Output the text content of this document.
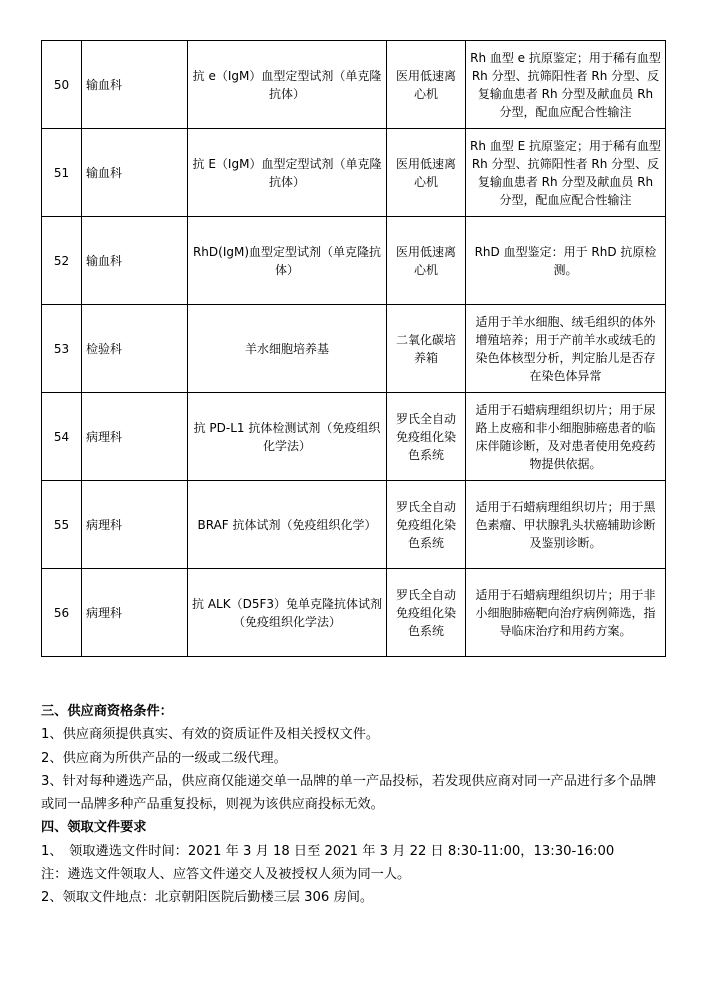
50	输血科	抗 e（IgM）血型定型试剂（单克隆抗体）	医用低速离心机	Rh 血型 e 抗原鉴定；用于稀有血型 Rh 分型、抗筛阳性者 Rh 分型、反复输血患者 Rh 分型及献血员 Rh 分型，配血应配合性输注
51	输血科	抗 E（IgM）血型定型试剂（单克隆抗体）	医用低速离心机	Rh 血型 E 抗原鉴定；用于稀有血型 Rh 分型、抗筛阳性者 Rh 分型、反复输血患者 Rh 分型及献血员 Rh 分型，配血应配合性输注
52	输血科	RhD(IgM)血型定型试剂（单克隆抗体）	医用低速离心机	RhD 血型鉴定：用于 RhD 抗原检测。
53	检验科	羊水细胞培养基	二氧化碳培养箱	适用于羊水细胞、绒毛组织的体外增殖培养；用于产前羊水或绒毛的染色体核型分析，判定胎儿是否存在染色体异常
54	病理科	抗 PD-L1 抗体检测试剂（免疫组织化学法）	罗氏全自动免疫组化染色系统	适用于石蜡病理组织切片；用于尿路上皮癌和非小细胞肺癌患者的临床伴随诊断，及对患者使用免疫药物提供依据。
55	病理科	BRAF 抗体试剂（免疫组织化学）	罗氏全自动免疫组化染色系统	适用于石蜡病理组织切片；用于黑色素瘤、甲状腺乳头状癌辅助诊断及鉴别诊断。
56	病理科	抗 ALK（D5F3）兔单克隆抗体试剂（免疫组织化学法）	罗氏全自动免疫组化染色系统	适用于石蜡病理组织切片；用于非小细胞肺癌靶向治疗病例筛选，指导临床治疗和用药方案。

三、供应商资格条件：

1、供应商须提供真实、有效的资质证件及相关授权文件。

2、供应商为所供产品的一级或二级代理。

3、针对每种遴选产品，供应商仅能递交单一品牌的单一产品投标，若发现供应商对同一产品进行多个品牌或同一品牌多种产品重复投标，则视为该供应商投标无效。

四、领取文件要求

1、　领取遴选文件时间：2021 年 3 月 18 日至 2021 年 3 月 22 日 8:30-11:00，13:30-16:00

注：遴选文件领取人、应答文件递交人及被授权人须为同一人。

2、领取文件地点：北京朝阳医院后勤楼三层 306 房间。
